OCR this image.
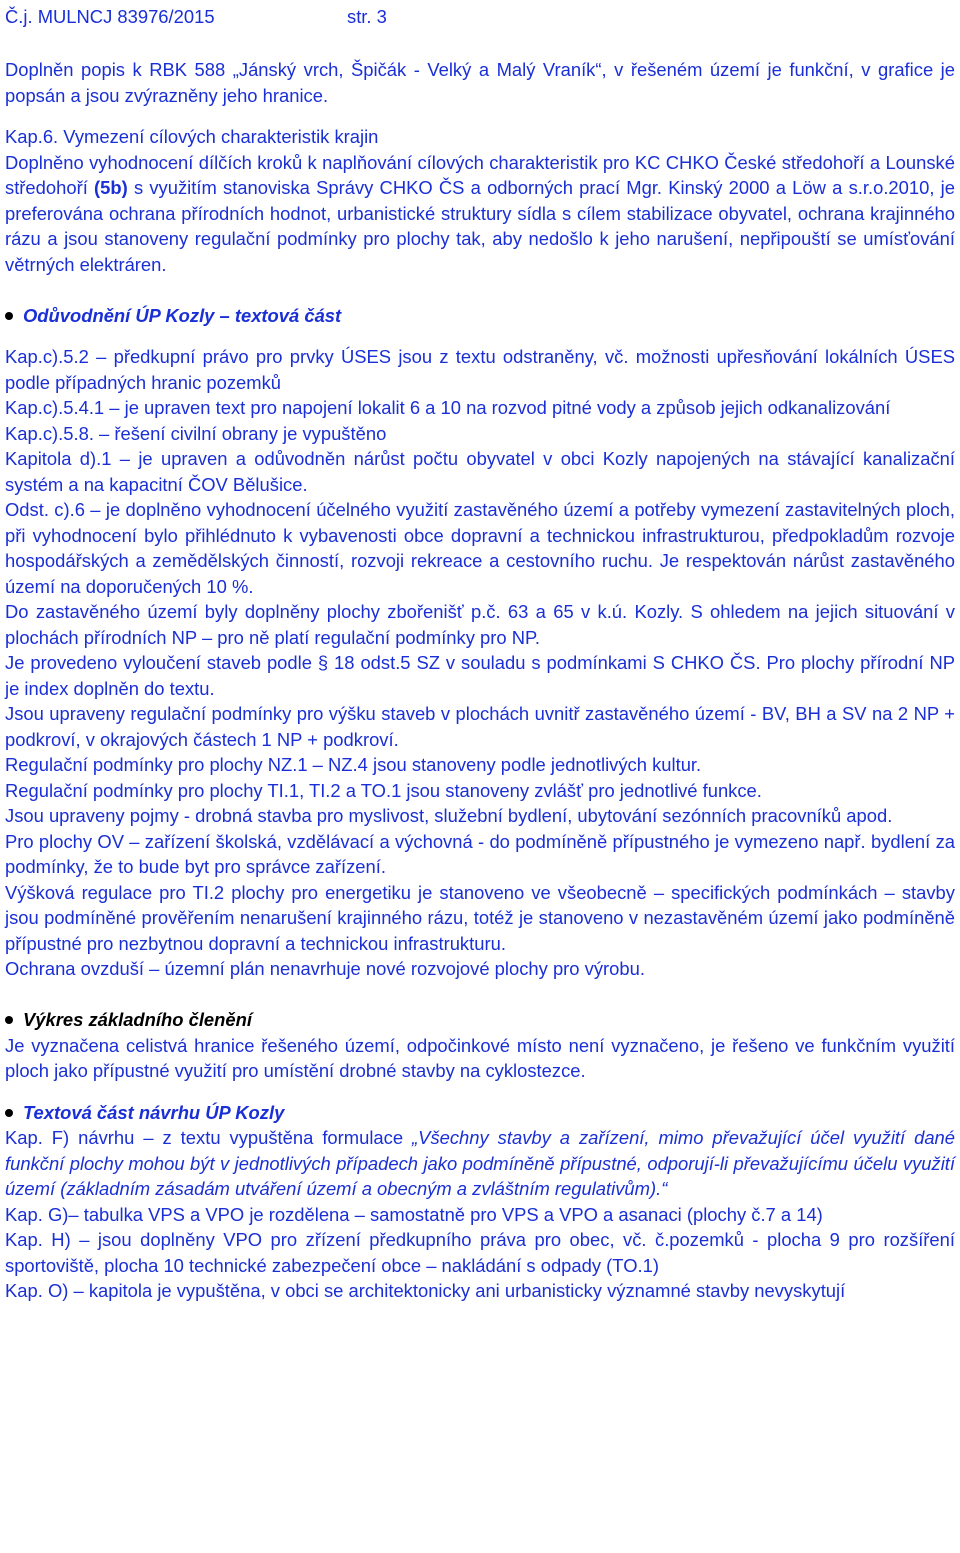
Č.j. MULNCJ 83976/2015	str. 3

Doplněn popis k RBK 588 „Jánský vrch, Špičák - Velký a Malý Vraník“, v řešeném území je funkční, v grafice je popsán a jsou zvýrazněny jeho hranice.

Kap.6. Vymezení cílových charakteristik krajin

Doplněno vyhodnocení dílčích kroků k naplňování cílových charakteristik pro KC CHKO České středohoří a Lounské středohoří (5b) s využitím stanoviska Správy CHKO ČS a odborných prací Mgr. Kinský 2000 a Löw a s.r.o.2010, je preferována ochrana přírodních hodnot, urbanistické struktury sídla s cílem stabilizace obyvatel, ochrana krajinného rázu a jsou stanoveny regulační podmínky pro plochy tak, aby nedošlo k jeho narušení, nepřipouští se umísťování větrných elektráren.

Odůvodnění ÚP Kozly – textová část

Kap.c).5.2 – předkupní právo pro prvky ÚSES jsou z textu odstraněny, vč. možnosti upřesňování lokálních ÚSES podle případných hranic pozemků

Kap.c).5.4.1 – je upraven text pro napojení lokalit 6 a 10 na rozvod pitné vody a způsob jejich odkanalizování

Kap.c).5.8. – řešení civilní obrany je vypuštěno

Kapitola d).1 – je upraven a odůvodněn nárůst počtu obyvatel v obci Kozly napojených na stávající kanalizační systém a na kapacitní ČOV Bělušice.

Odst. c).6 – je doplněno vyhodnocení účelného využití zastavěného území a potřeby vymezení zastavitelných ploch, při vyhodnocení bylo přihlédnuto k vybavenosti obce dopravní a technickou infrastrukturou, předpokladům rozvoje hospodářských a zemědělských činností, rozvoji rekreace a cestovního ruchu. Je respektován nárůst zastavěného území na doporučených 10 %.

Do zastavěného území byly doplněny plochy zbořenišť p.č. 63 a 65 v k.ú. Kozly. S ohledem na jejich situování v plochách přírodních NP – pro ně platí regulační podmínky pro NP.

Je provedeno vyloučení staveb podle § 18 odst.5 SZ v souladu s podmínkami S CHKO ČS. Pro plochy přírodní NP je index doplněn do textu.

Jsou upraveny regulační podmínky pro výšku staveb v plochách uvnitř zastavěného území - BV, BH a SV na 2 NP + podkroví, v okrajových částech 1 NP + podkroví.

Regulační podmínky pro plochy NZ.1 – NZ.4 jsou stanoveny podle jednotlivých kultur.

Regulační podmínky pro plochy TI.1, TI.2 a TO.1 jsou stanoveny zvlášť pro jednotlivé funkce.

Jsou upraveny pojmy - drobná stavba pro myslivost, služební bydlení, ubytování sezónních pracovníků apod.

Pro plochy OV – zařízení školská, vzdělávací a výchovná - do podmíněně přípustného je vymezeno např. bydlení za podmínky, že to bude byt pro správce zařízení.

Výšková regulace pro TI.2 plochy pro energetiku je stanoveno ve všeobecně – specifických podmínkách – stavby jsou podmíněné prověřením nenarušení krajinného rázu, totéž je stanoveno v nezastavěném území jako podmíněně přípustné pro nezbytnou dopravní a technickou infrastrukturu.

Ochrana ovzduší – územní plán nenavrhuje nové rozvojové plochy pro výrobu.

Výkres základního členění

Je vyznačena celistvá hranice řešeného území, odpočinkové místo není vyznačeno, je řešeno ve funkčním využití ploch jako přípustné využití pro umístění drobné stavby na cyklostezce.

Textová část návrhu ÚP Kozly

Kap. F) návrhu – z textu vypuštěna formulace „Všechny stavby a zařízení, mimo převažující účel využití dané funkční plochy mohou být v jednotlivých případech jako podmíněně přípustné, odporují-li převažujícímu účelu využití území (základním zásadám utváření území a obecným a zvláštním regulativům).“

Kap. G)– tabulka VPS a VPO je rozdělena – samostatně pro VPS a VPO a asanaci (plochy č.7 a 14)

Kap. H) – jsou doplněny VPO pro zřízení předkupního práva pro obec, vč. č.pozemků - plocha 9 pro rozšíření sportoviště, plocha 10 technické zabezpečení obce – nakládání s odpady (TO.1)

Kap. O) – kapitola je vypuštěna, v obci se architektonicky ani urbanisticky významné stavby nevyskytují
